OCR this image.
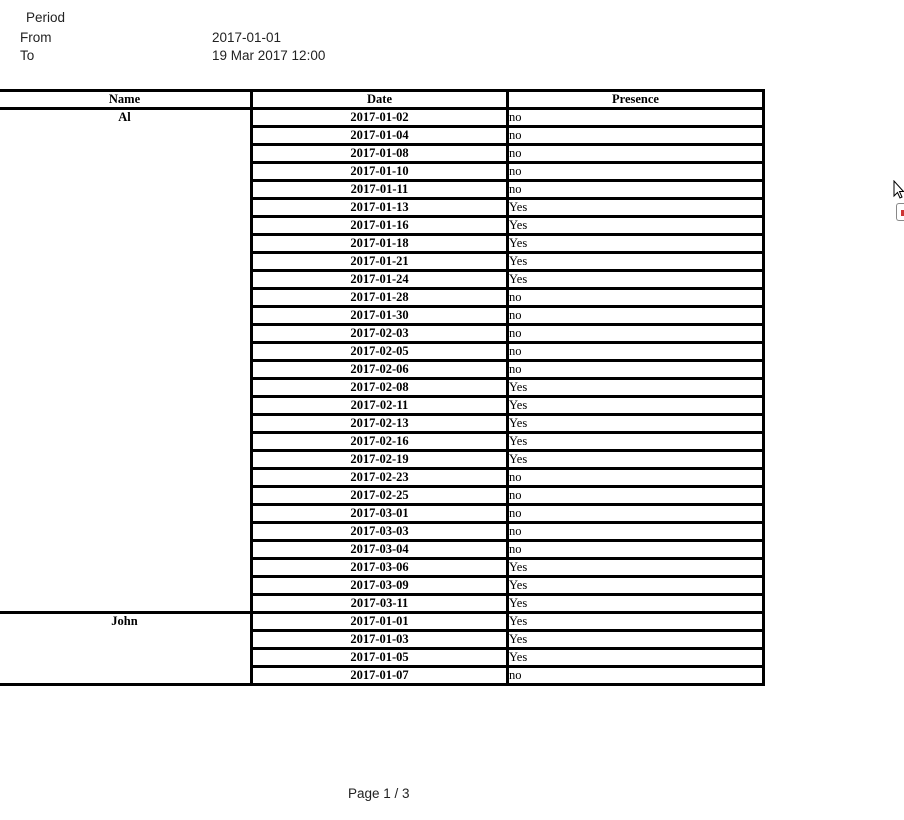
Period
From	2017-01-01
To	19 Mar 2017 12:00
Name	Date	Presence
Al	2017-01-02	no
	2017-01-04	no
	2017-01-08	no
	2017-01-10	no
	2017-01-11	no
	2017-01-13	Yes
	2017-01-16	Yes
	2017-01-18	Yes
	2017-01-21	Yes
	2017-01-24	Yes
	2017-01-28	no
	2017-01-30	no
	2017-02-03	no
	2017-02-05	no
	2017-02-06	no
	2017-02-08	Yes
	2017-02-11	Yes
	2017-02-13	Yes
	2017-02-16	Yes
	2017-02-19	Yes
	2017-02-23	no
	2017-02-25	no
	2017-03-01	no
	2017-03-03	no
	2017-03-04	no
	2017-03-06	Yes
	2017-03-09	Yes
	2017-03-11	Yes
John	2017-01-01	Yes
	2017-01-03	Yes
	2017-01-05	Yes
	2017-01-07	no
Page 1 / 3
